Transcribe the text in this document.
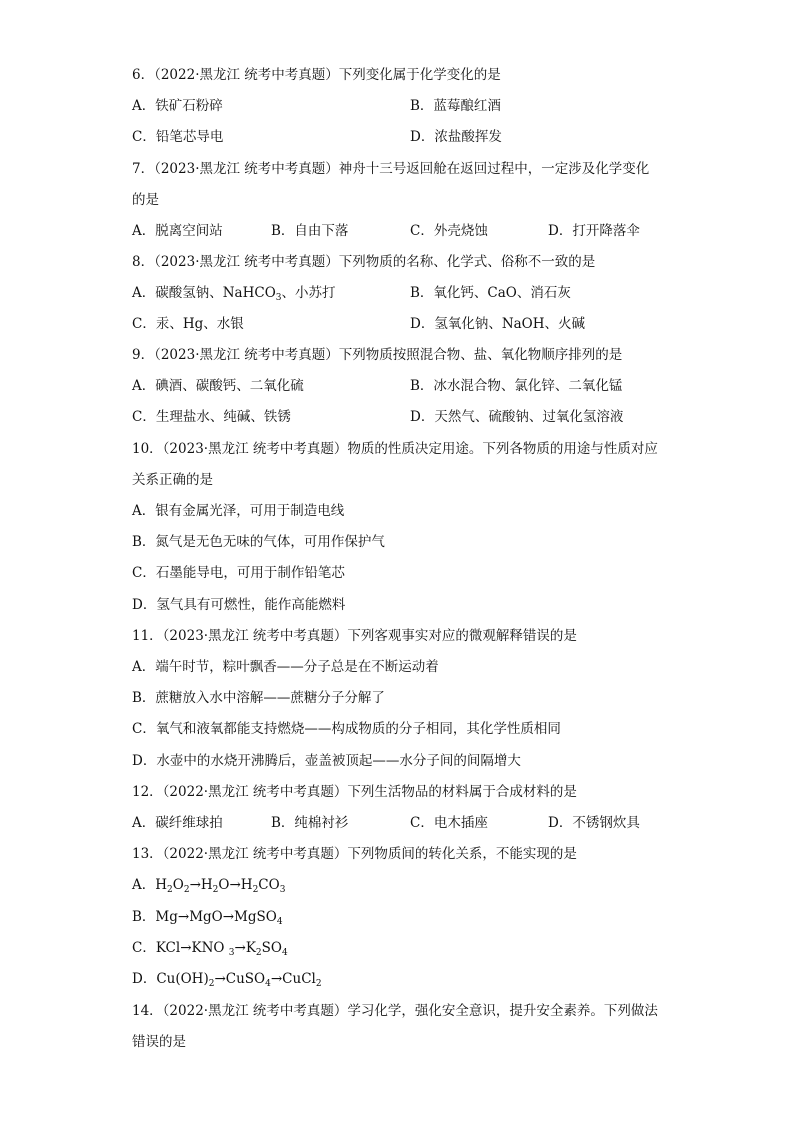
6．（2022·黑龙江 统考中考真题）下列变化属于化学变化的是
A．铁矿石粉碎	B．蓝莓酿红酒
C．铅笔芯导电	D．浓盐酸挥发
7．（2023·黑龙江 统考中考真题）神舟十三号返回舱在返回过程中，一定涉及化学变化
的是
A．脱离空间站	B．自由下落	C．外壳烧蚀	D．打开降落伞
8．（2023·黑龙江 统考中考真题）下列物质的名称、化学式、俗称不一致的是
A．碳酸氢钠、NaHCO$_3$、小苏打	B．氧化钙、CaO、消石灰
C．汞、Hg、水银	D．氢氧化钠、NaOH、火碱
9．（2023·黑龙江 统考中考真题）下列物质按照混合物、盐、氧化物顺序排列的是
A．碘酒、碳酸钙、二氧化硫	B．冰水混合物、氯化锌、二氧化锰
C．生理盐水、纯碱、铁锈	D．天然气、硫酸钠、过氧化氢溶液
10．（2023·黑龙江 统考中考真题）物质的性质决定用途。下列各物质的用途与性质对应
关系正确的是
A．银有金属光泽，可用于制造电线
B．氮气是无色无味的气体，可用作保护气
C．石墨能导电，可用于制作铅笔芯
D．氢气具有可燃性，能作高能燃料
11．（2023·黑龙江 统考中考真题）下列客观事实对应的微观解释错误的是
A．端午时节，粽叶飘香——分子总是在不断运动着
B．蔗糖放入水中溶解——蔗糖分子分解了
C．氧气和液氧都能支持燃烧——构成物质的分子相同，其化学性质相同
D．水壶中的水烧开沸腾后，壶盖被顶起——水分子间的间隔增大
12．（2022·黑龙江 统考中考真题）下列生活物品的材料属于合成材料的是
A．碳纤维球拍	B．纯棉衬衫	C．电木插座	D．不锈钢炊具
13．（2022·黑龙江 统考中考真题）下列物质间的转化关系，不能实现的是
A．$H_2O_2\to H_2O\to H_2CO_3$
B．Mg→MgO→MgSO$_4$
C．KCl→KNO $_3\to K_2SO_4$
D．$Cu(OH)_2\to CuSO_4\to CuCl_2$
14．（2022·黑龙江 统考中考真题）学习化学，强化安全意识，提升安全素养。下列做法
错误的是
